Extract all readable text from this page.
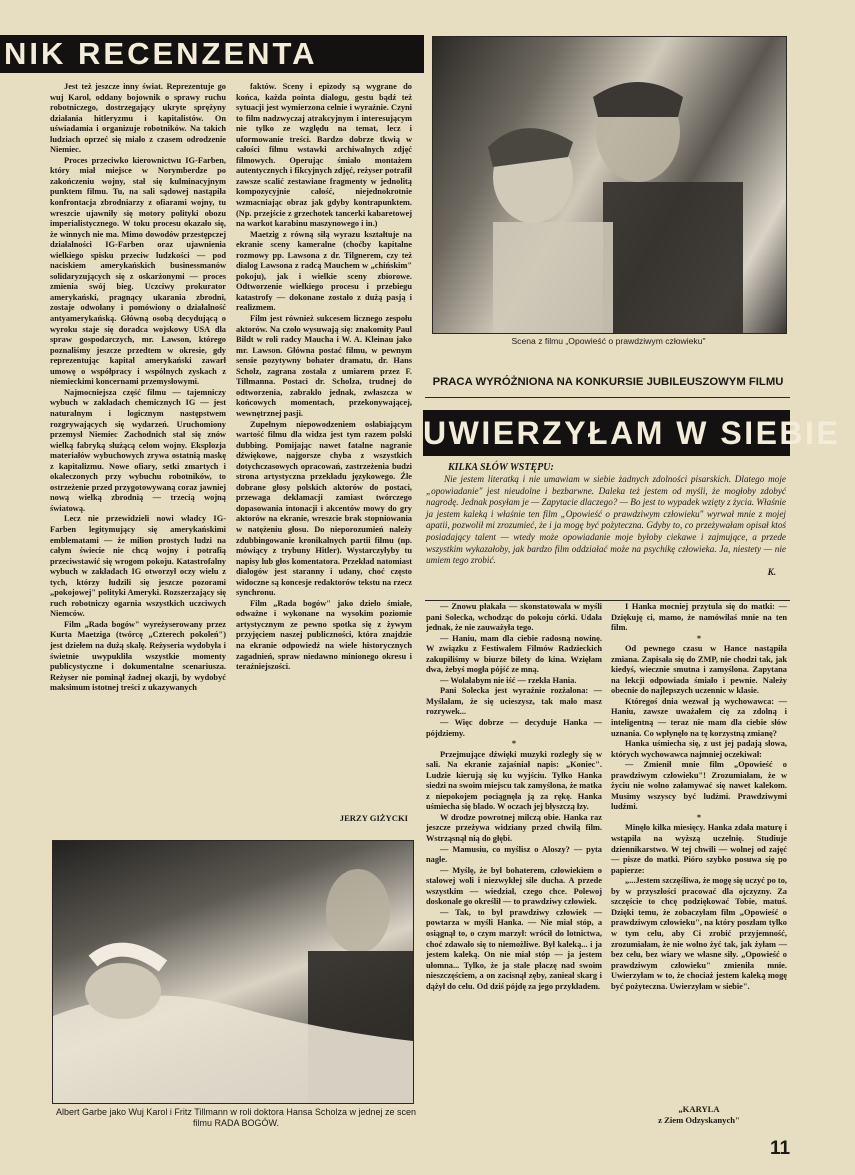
NIK RECENZENTA

Jest też jeszcze inny świat. Reprezentuje go wuj Karol, oddany bojownik o sprawy ruchu robotniczego, dostrzegający ukryte sprężyny działania hitleryzmu i kapitalistów. On uświadamia i organizuje robotników. Na takich ludziach oprzeć się miało z czasem odrodzenie Niemiec.

Proces przeciwko kierownictwu IG-Farben, który miał miejsce w Norymberdze po zakończeniu wojny, stał się kulminacyjnym punktem filmu. Tu, na sali sądowej nastąpiła konfrontacja zbrodniarzy z ofiarami wojny, tu wreszcie ujawniły się motory polityki obozu imperialistycznego. W toku procesu okazało się, że winnych nie ma. Mimo dowodów przestępczej działalności IG-Farben oraz ujawnienia wielkiego spisku przeciw ludzkości — pod naciskiem amerykańskich businessmanów solidaryzujących się z oskarżonymi — proces zmienia swój bieg. Uczciwy prokurator amerykański, pragnący ukarania zbrodni, zostaje odwołany i pomówiony o działalność antyamerykańską. Główną osobą decydującą o wyroku staje się doradca wojskowy USA dla spraw gospodarczych, mr. Lawson, którego poznaliśmy jeszcze przedtem w okresie, gdy reprezentując kapitał amerykański zawarł umowę o współpracy i wspólnych zyskach z niemieckimi koncernami przemysłowymi.

Najmocniejsza część filmu — tajemniczy wybuch w zakładach chemicznych IG — jest naturalnym i logicznym następstwem rozgrywających się wydarzeń. Uruchomiony przemysł Niemiec Zachodnich stał się znów wielką fabryką służącą celom wojny. Eksplozja materiałów wybuchowych zrywa ostatnią maskę z kapitalizmu. Nowe ofiary, setki zmartych i okaleczonych przy wybuchu robotników, to ostrzeżenie przed przygotowywaną coraz jawniej nową wielką zbrodnią — trzecią wojną światową.

Lecz nie przewidzieli nowi władcy IG-Farben legitymujący się amerykańskimi emblematami — że milion prostych ludzi na całym świecie nie chcą wojny i potrafią przeciwstawić się wrogom pokoju. Katastrofalny wybuch w zakładach IG otworzył oczy wielu z tych, którzy łudzili się jeszcze pozorami „pokojowej" polityki Ameryki. Rozszerzający się ruch robotniczy ogarnia wszystkich uczciwych Niemców.

Film „Rada bogów" wyreżyserowany przez Kurta Maetziga (twórcę „Czterech pokoleń") jest dziełem na dużą skalę. Reżyseria wydobyła i świetnie uwypukliła wszystkie momenty publicystyczne i dokumentalne scenariusza. Reżyser nie pominął żadnej okazji, by wydobyć maksimum istotnej treści z ukazywanych

faktów. Sceny i epizody są wygrane do końca, każda pointa dialogu, gestu bądź też sytuacji jest wymierzona celnie i wyraźnie. Czyni to film nadzwyczaj atrakcyjnym i interesującym nie tylko ze względu na temat, lecz i uformowanie treści. Bardzo dobrze tkwią w całości filmu wstawki archiwalnych zdjęć filmowych. Operując śmiało montażem autentycznych i fikcyjnych zdjęć, reżyser potrafił zawsze scalić zestawiane fragmenty w jednolitą kompozycyjnie całość, niejednokrotnie wzmacniając obraz jak gdyby kontrapunktem. (Np. przejście z grzechotek tancerki kabaretowej na warkot karabinu maszynowego i in.)

Maetzig z równą siłą wyrazu kształtuje na ekranie sceny kameralne (choćby kapitalne rozmowy pp. Lawsona z dr. Tilgnerem, czy też dialog Lawsona z radcą Mauchem w „chińskim" pokoju), jak i wielkie sceny zbiorowe. Odtworzenie wielkiego procesu i przebiegu katastrofy — dokonane zostało z dużą pasją i realizmem.

Film jest również sukcesem licznego zespołu aktorów. Na czoło wysuwają się: znakomity Paul Bildt w roli radcy Maucha i W. A. Kleinau jako mr. Lawson. Główna postać filmu, w pewnym sensie pozytywny bohater dramatu, dr. Hans Scholz, zagrana została z umiarem przez F. Tillmanna. Postaci dr. Scholza, trudnej do odtworzenia, zabrakło jednak, zwłaszcza w końcowych momentach, przekonywającej, wewnętrznej pasji.

Zupełnym niepowodzeniem osłabiającym wartość filmu dla widza jest tym razem polski dubbing. Pomijając nawet fatalne nagranie dźwiękowe, najgorsze chyba z wszystkich dotychczasowych opracowań, zastrzeżenia budzi strona artystyczna przekładu językowego. Źle dobrane głosy polskich aktorów do postaci, przewaga deklamacji zamiast twórczego dopasowania intonacji i akcentów mowy do gry aktorów na ekranie, wreszcie brak stopniowania w natężeniu głosu. Do nieporozumień należy zdubbingowanie kronikalnych partii filmu (np. mówiący z trybuny Hitler). Wystarczyłyby tu napisy lub głos komentatora. Przekład natomiast dialogów jest staranny i udany, choć często widoczne są koncesje redaktorów tekstu na rzecz synchronu.

Film „Rada bogów" jako dzieło śmiałe, odważne i wykonane na wysokim poziomie artystycznym ze pewno spotka się z żywym przyjęciem naszej publiczności, która znajdzie na ekranie odpowiedź na wiele historycznych zagadnień, spraw niedawno minionego okresu i teraźniejszości.

JERZY GIŻYCKI
Albert Garbe jako Wuj Karol i Fritz Tillmann w roli doktora Hansa Scholza w jednej ze scen filmu RADA BOGÓW.
Scena z filmu „Opowieść o prawdziwym człowieku"
PRACA WYRÓŻNIONA NA KONKURSIE JUBILEUSZOWYM FILMU
UWIERZYŁAM W SIEBIE
KILKA SŁÓW WSTĘPU:
Nie jestem literatką i nie umawiam w siebie żadnych zdolności pisarskich. Dlatego moje „opowiadanie" jest nieudolne i bezbarwne. Daleka też jestem od myśli, że mogłoby zdobyć nagrodę. Jednak posyłam je — Zapytacie dlaczego? — Bo jest to wypadek wzięty z życia. Właśnie ja jestem kaleką i właśnie ten film „Opowieść o prawdziwym człowieku" wyrwał mnie z mojej apatii, pozwolił mi zrozumieć, że i ja mogę być pożyteczna. Gdyby to, co przeżywałam opisał ktoś posiadający talent — wtedy może opowiadanie moje byłoby ciekawe i zajmujące, a przede wszystkim wykazałoby, jak bardzo film oddziałać może na psychikę człowieka. Ja, niestety — nie umiem tego zrobić.
K.

— Znowu płakała — skonstatowała w myśli pani Solecka, wchodząc do pokoju córki. Udała jednak, że nie zauważyła tego.

— Haniu, mam dla ciebie radosną nowinę. W związku z Festiwalem Filmów Radzieckich zakupiliśmy w biurze bilety do kina. Wzięłam dwa, żebyś mogła pójść ze mną.

— Wolałabym nie iść — rzekła Hania.

Pani Solecka jest wyraźnie rozżalona: — Myślałam, że się ucieszysz, tak mało masz rozrywek...

— Więc dobrze — decyduje Hanka — pójdziemy.

*

Przejmujące dźwięki muzyki rozległy się w sali. Na ekranie zajaśniał napis: „Koniec". Ludzie kierują się ku wyjściu. Tylko Hanka siedzi na swoim miejscu tak zamyślona, że matka z niepokojem pociągnęła ją za rękę. Hanka uśmiecha się blado. W oczach jej błyszczą łzy.

W drodze powrotnej milczą obie. Hanka raz jeszcze przeżywa widziany przed chwilą film. Wstrząsnął nią do głębi.

— Mamusiu, co myślisz o Aloszy? — pyta nagle.

— Myślę, że był bohaterem, człowiekiem o stalowej woli i niezwykłej sile ducha. A przede wszystkim — wiedział, czego chce. Polewoj doskonale go określił — to prawdziwy człowiek.

— Tak, to był prawdziwy człowiek — powtarza w myśli Hanka. — Nie miał stóp, a osiągnął to, o czym marzył: wrócił do lotnictwa, choć zdawało się to niemożliwe. Był kaleką... i ja jestem kaleką. On nie miał stóp — ja jestem ułomna... Tylko, że ja stale płaczę nad swoim nieszczęściem, a on zacisnął zęby, zanieał skarg i dążył do celu. Od dziś pójdę za jego przykładem.

I Hanka mocniej przytula się do matki: — Dziękuję ci, mamo, że namówiłaś mnie na ten film.

*

Od pewnego czasu w Hance nastąpiła zmiana. Zapisała się do ZMP, nie chodzi tak, jak kiedyś, wiecznie smutna i zamyślona. Zapytana na lekcji odpowiada śmiało i pewnie. Należy obecnie do najlepszych uczennic w klasie.

Któregoś dnia wezwał ją wychowawca: — Haniu, zawsze uważałem cię za zdolną i inteligentną — teraz nie mam dla ciebie słów uznania. Co wpłynęło na tę korzystną zmianę?

Hanka uśmiecha się, z ust jej padają słowa, których wychowawca najmniej oczekiwał:

— Zmienił mnie film „Opowieść o prawdziwym człowieku"! Zrozumiałam, że w życiu nie wolno załamywać się nawet kalekom. Musimy wszyscy być ludźmi. Prawdziwymi ludźmi.

*

Minęło kilka miesięcy. Hanka zdała maturę i wstąpiła na wyższą uczelnię. Studiuje dziennikarstwo. W tej chwili — wolnej od zajęć — pisze do matki. Pióro szybko posuwa się po papierze:

„...Jestem szczęśliwa, że mogę się uczyć po to, by w przyszłości pracować dla ojczyzny. Za szczęście to chcę podziękować Tobie, matuś. Dzięki temu, że zobaczyłam film „Opowieść o prawdziwym człowieku", na który poszłam tylko w tym celu, aby Ci zrobić przyjemność, zrozumiałam, że nie wolno żyć tak, jak żyłam — bez celu, bez wiary we własne siły. „Opowieść o prawdziwym człowieku" zmieniła mnie. Uwierzyłam w to, że chociaż jestem kaleką mogę być pożyteczna. Uwierzyłam w siebie".

„KARYLA
z Ziem Odzyskanych"
11
